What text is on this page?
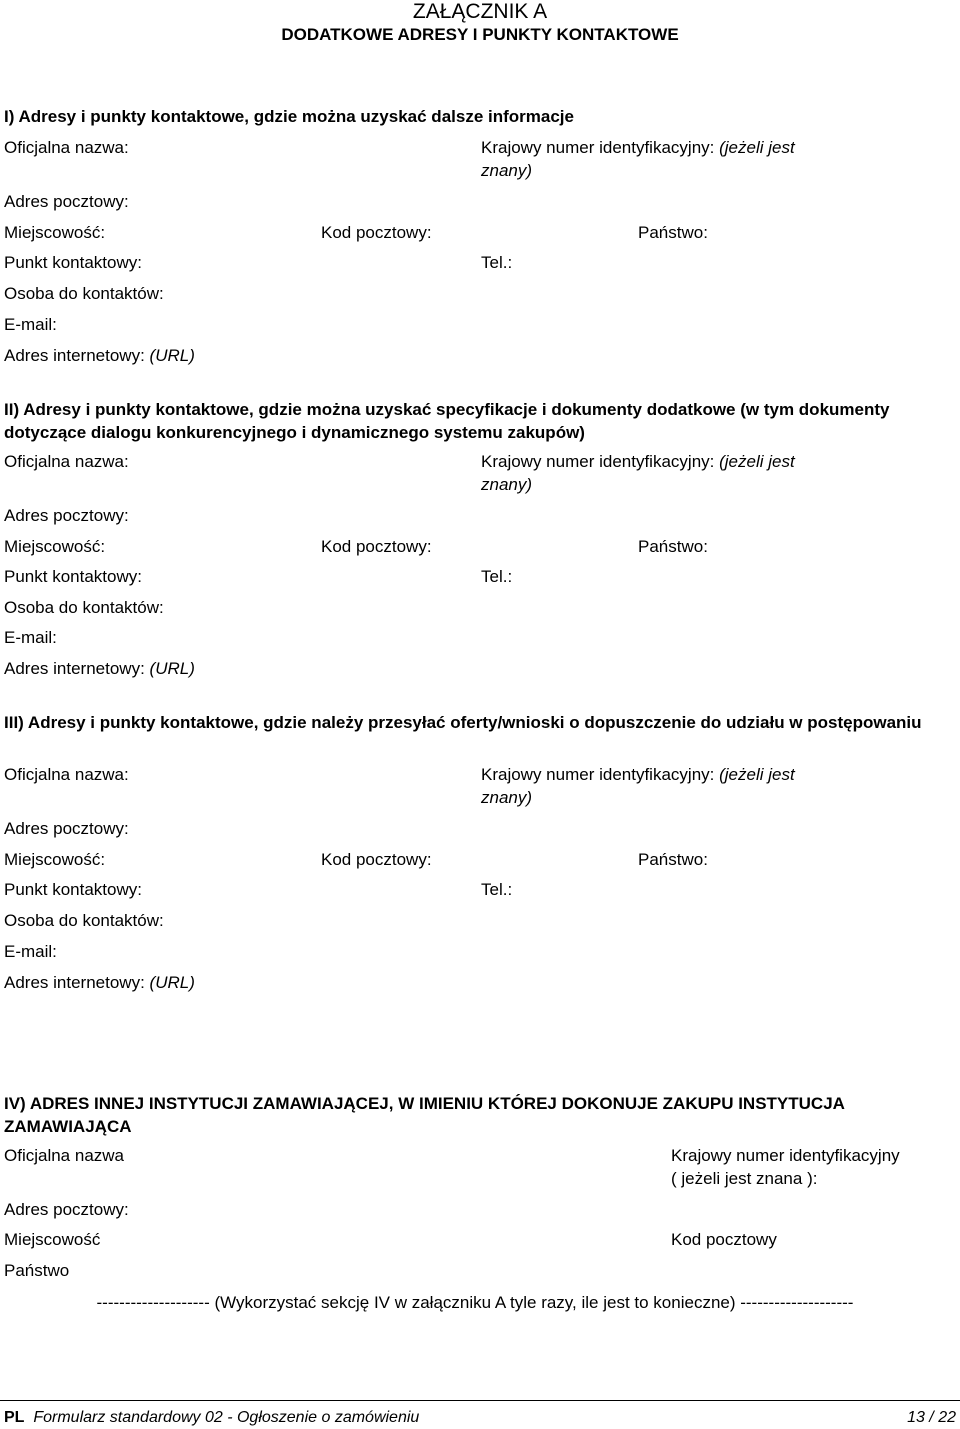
ZAŁĄCZNIK A
DODATKOWE ADRESY I PUNKTY KONTAKTOWE
I) Adresy i punkty kontaktowe, gdzie można uzyskać dalsze informacje
Oficjalna nazwa:	Krajowy numer identyfikacyjny: (jeżeli jest
znany)
Adres pocztowy:
Miejscowość:	Kod pocztowy:	Państwo:
Punkt kontaktowy:	Tel.:
Osoba do kontaktów:
E-mail:
Adres internetowy: (URL)
II) Adresy i punkty kontaktowe, gdzie można uzyskać specyfikacje i dokumenty dodatkowe (w tym dokumenty dotyczące dialogu konkurencyjnego i dynamicznego systemu zakupów)
Oficjalna nazwa:	Krajowy numer identyfikacyjny: (jeżeli jest
znany)
Adres pocztowy:
Miejscowość:	Kod pocztowy:	Państwo:
Punkt kontaktowy:	Tel.:
Osoba do kontaktów:
E-mail:
Adres internetowy: (URL)
III) Adresy i punkty kontaktowe, gdzie należy przesyłać oferty/wnioski o dopuszczenie do udziału w postępowaniu
Oficjalna nazwa:	Krajowy numer identyfikacyjny: (jeżeli jest
znany)
Adres pocztowy:
Miejscowość:	Kod pocztowy:	Państwo:
Punkt kontaktowy:	Tel.:
Osoba do kontaktów:
E-mail:
Adres internetowy: (URL)
IV) ADRES INNEJ INSTYTUCJI ZAMAWIAJĄCEJ, W IMIENIU KTÓREJ DOKONUJE ZAKUPU INSTYTUCJA ZAMAWIAJĄCA
Oficjalna nazwa	Krajowy numer identyfikacyjny
( jeżeli jest znana ):
Adres pocztowy:
Miejscowość	Kod pocztowy
Państwo
-------------------- (Wykorzystać sekcję IV w załączniku A tyle razy, ile jest to konieczne) --------------------
PL Formularz standardowy 02 - Ogłoszenie o zamówieniu	13 / 22
